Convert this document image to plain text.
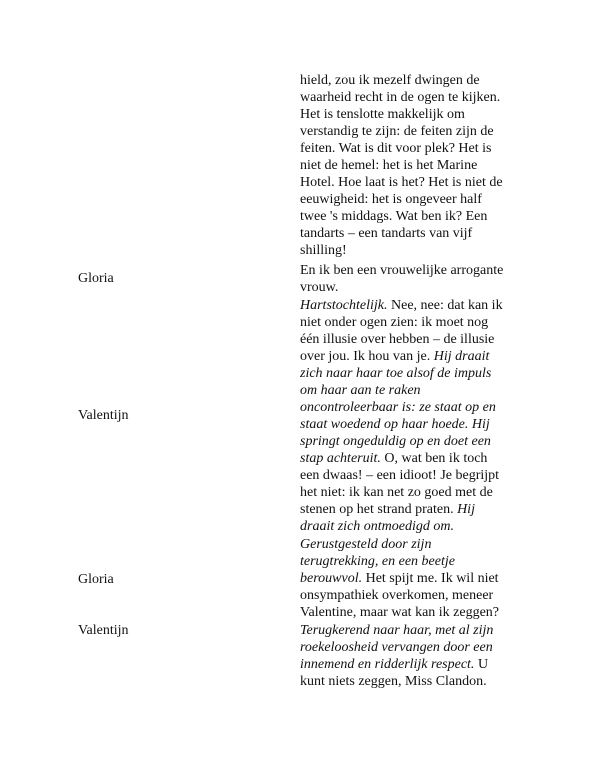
hield, zou ik mezelf dwingen de
waarheid recht in de ogen te kijken.
Het is tenslotte makkelijk om
verstandig te zijn: de feiten zijn de
feiten. Wat is dit voor plek? Het is
niet de hemel: het is het Marine
Hotel. Hoe laat is het? Het is niet de
eeuwigheid: het is ongeveer half
twee 's middags. Wat ben ik? Een
tandarts – een tandarts van vijf
shilling!
Gloria
En ik ben een vrouwelijke arrogante
vrouw.
Valentijn
Hartstochtelijk. Nee, nee: dat kan ik
niet onder ogen zien: ik moet nog
één illusie over hebben – de illusie
over jou. Ik hou van je. Hij draait
zich naar haar toe alsof de impuls
om haar aan te raken
oncontroleerbaar is: ze staat op en
staat woedend op haar hoede. Hij
springt ongeduldig op en doet een
stap achteruit. O, wat ben ik toch
een dwaas! – een idioot! Je begrijpt
het niet: ik kan net zo goed met de
stenen op het strand praten. Hij
draait zich ontmoedigd om.
Gloria
Gerustgesteld door zijn
terugtrekking, en een beetje
berouwvol. Het spijt me. Ik wil niet
onsympathiek overkomen, meneer
Valentine, maar wat kan ik zeggen?
Valentijn	Terugkerend naar haar, met al zijn
roekeloosheid vervangen door een
innemend en ridderlijk respect. U
kunt niets zeggen, Miss Clandon.
